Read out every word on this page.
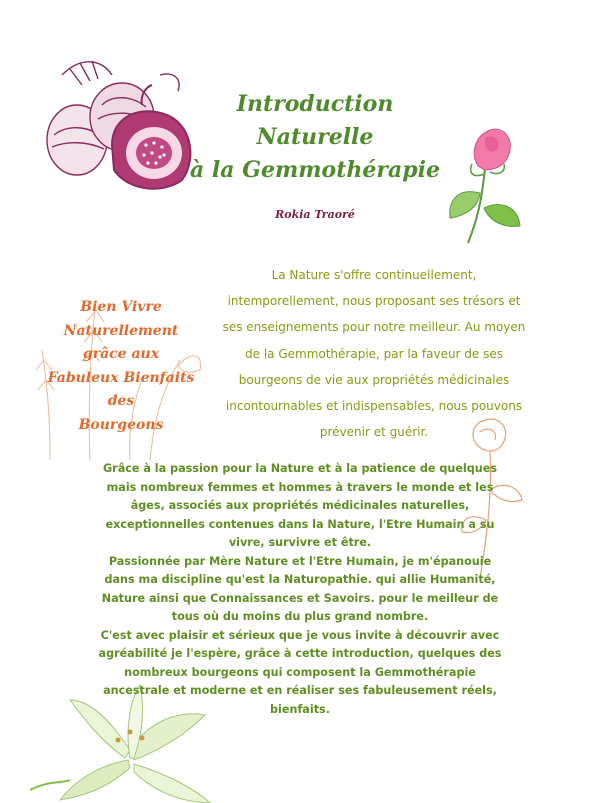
Introduction
Naturelle
à la Gemmothérapie
Rokia Traoré
Bien Vivre
Naturellement
grâce aux
Fabuleux Bienfaits
des
Bourgeons
La Nature s'offre continuellement,
intemporellement, nous proposant ses trésors et
ses enseignements pour notre meilleur. Au moyen
de la Gemmothérapie, par la faveur de ses
bourgeons de vie aux propriétés médicinales
incontournables et indispensables, nous pouvons
prévenir et guérir.
Grâce à la passion pour la Nature et à la patience de quelques
mais nombreux femmes et hommes à travers le monde et les
âges, associés aux propriétés médicinales naturelles,
exceptionnelles contenues dans la Nature, l'Etre Humain a su
vivre, survivre et être.
Passionnée par Mère Nature et l'Etre Humain, je m'épanouie
dans ma discipline qu'est la Naturopathie. qui allie Humanité,
Nature ainsi que Connaissances et Savoirs. pour le meilleur de
tous où du moins du plus grand nombre.
C'est avec plaisir et sérieux que je vous invite à découvrir avec
agréabilité je l'espère, grâce à cette introduction, quelques des
nombreux bourgeons qui composent la Gemmothérapie
ancestrale et moderne et en réaliser ses fabuleusement réels,
bienfaits.
